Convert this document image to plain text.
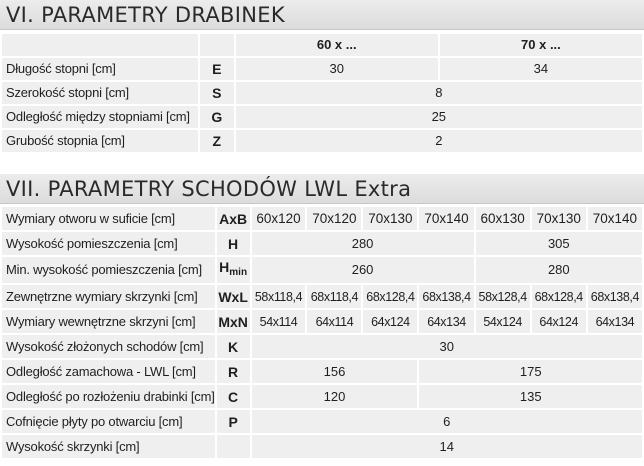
VI. PARAMETRY DRABINEK
		60 x ...	70 x ...
Długość stopni [cm]	E	30	34
Szerokość stopni [cm]	S	8	
Odległość między stopniami [cm]	G	25	
Grubość stopnia [cm]	Z	2	
VII. PARAMETRY SCHODÓW LWL Extra
Wymiary otworu w suficie [cm]	AxB	60x120	70x120	70x130	70x140	60x130	70x130	70x140
Wysokość pomieszczenia [cm]	H	280				305		
Min. wysokość pomieszczenia [cm]	$H_{min}$	260				280		
Zewnętrzne wymiary skrzynki [cm]	WxL	58x118,4	68x118,4	68x128,4	68x138,4	58x128,4	68x128,4	68x138,4
Wymiary wewnętrzne skrzyni [cm]	MxN	54x114	64x114	64x124	64x134	54x124	64x124	64x134
Wysokość złożonych schodów [cm]	K	30						
Odległość zamachowa - LWL [cm]	R	156			175			
Odległość po rozłożeniu drabinki [cm]	C	120			135			
Cofnięcie płyty po otwarciu [cm]	P	6						
Wysokość skrzynki [cm]		14						
